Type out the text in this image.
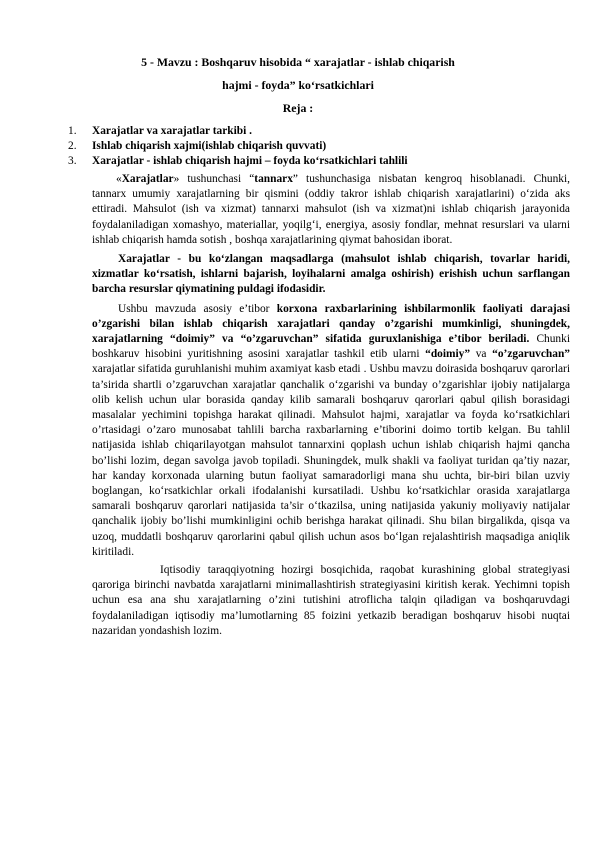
5 - Mavzu : Boshqaruv hisobida “ xarajatlar - ishlab chiqarish
hajmi - foyda” ko‘rsatkichlari
Reja :
1. Xarajatlar va xarajatlar tarkibi .
2. Ishlab chiqarish xajmi(ishlab chiqarish quvvati)
3. Xarajatlar - ishlab chiqarish hajmi – foyda ko‘rsatkichlari tahlili

«Xarajatlar» tushunchasi “tannarx” tushunchasiga nisbatan kengroq hisoblanadi. Chunki, tannarx umumiy xarajatlarning bir qismini (oddiy takror ishlab chiqarish xarajatlarini) o‘zida aks ettiradi. Mahsulot (ish va xizmat) tannarxi mahsulot (ish va xizmat)ni ishlab chiqarish jarayonida foydalaniladigan xomashyo, materiallar, yoqilg‘i, energiya, asosiy fondlar, mehnat resurslari va ularni ishlab chiqarish hamda sotish , boshqa xarajatlarining qiymat bahosidan iborat.

Xarajatlar - bu ko‘zlangan maqsadlarga (mahsulot ishlab chiqarish, tovarlar haridi, xizmatlar ko‘rsatish, ishlarni bajarish, loyihalarni amalga oshirish) erishish uchun sarflangan barcha resurslar qiymatining puldagi ifodasidir.

Ushbu mavzuda asosiy e’tibor korxona raxbarlarining ishbilarmonlik faoliyati darajasi o’zgarishi bilan ishlab chiqarish xarajatlari qanday o’zgarishi mumkinligi, shuningdek, xarajatlarning “doimiy” va “o’zgaruvchan” sifatida guruxlanishiga e’tibor beriladi. Chunki boshkaruv hisobini yuritishning asosini xarajatlar tashkil etib ularni “doimiy” va “o’zgaruvchan” xarajatlar sifatida guruhlanishi muhim axamiyat kasb etadi . Ushbu mavzu doirasida boshqaruv qarorlari ta’sirida shartli o’zgaruvchan xarajatlar qanchalik o‘zgarishi va bunday o’zgarishlar ijobiy natijalarga olib kelish uchun ular borasida qanday kilib samarali boshqaruv qarorlari qabul qilish borasidagi masalalar yechimini topishga harakat qilinadi. Mahsulot hajmi, xarajatlar va foyda ko‘rsatkichlari o’rtasidagi o’zaro munosabat tahlili barcha raxbarlarning e’tiborini doimo tortib kelgan. Bu tahlil natijasida ishlab chiqarilayotgan mahsulot tannarxini qoplash uchun ishlab chiqarish hajmi qancha bo’lishi lozim, degan savolga javob topiladi. Shuningdek, mulk shakli va faoliyat turidan qa’tiy nazar, har kanday korxonada ularning butun faoliyat samaradorligi mana shu uchta, bir-biri bilan uzviy boglangan, ko‘rsatkichlar orkali ifodalanishi kursatiladi. Ushbu ko‘rsatkichlar orasida xarajatlarga samarali boshqaruv qarorlari natijasida ta’sir o‘tkazilsa, uning natijasida yakuniy moliyaviy natijalar qanchalik ijobiy bo’lishi mumkinligini ochib berishga harakat qilinadi. Shu bilan birgalikda, qisqa va uzoq, muddatli boshqaruv qarorlarini qabul qilish uchun asos bo‘lgan rejalashtirish maqsadiga aniqlik kiritiladi.

Iqtisodiy taraqqiyotning hozirgi bosqichida, raqobat kurashining global strategiyasi qaroriga birinchi navbatda xarajatlarni minimallashtirish strategiyasini kiritish kerak. Yechimni topish uchun esa ana shu xarajatlarning o’zini tutishini atroflicha talqin qiladigan va boshqaruvdagi foydalaniladigan iqtisodiy ma’lumotlarning 85 foizini yetkazib beradigan boshqaruv hisobi nuqtai nazaridan yondashish lozim.
